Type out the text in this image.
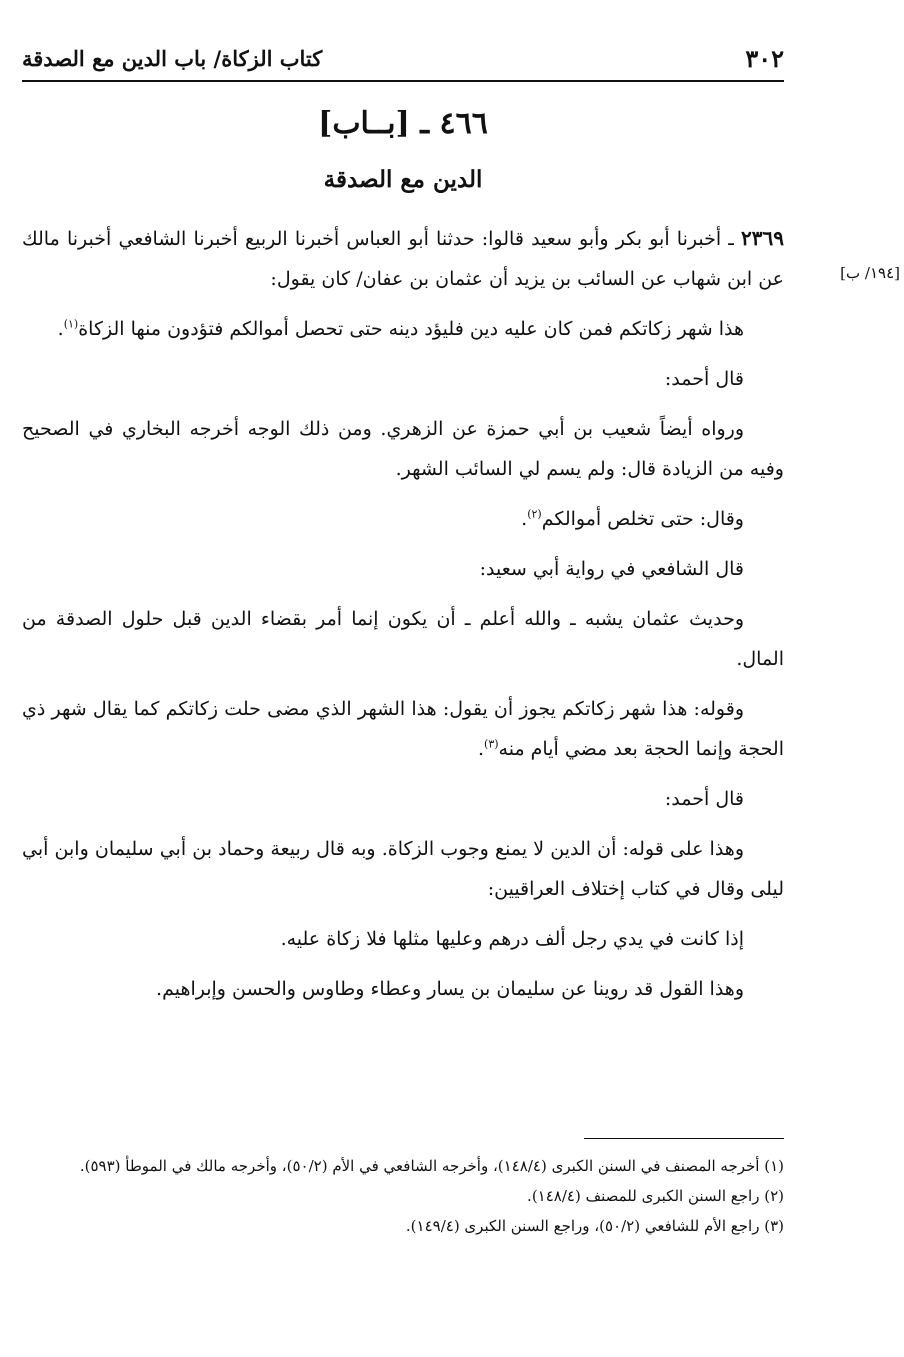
٣٠٢
كتاب الزكاة/ باب الدين مع الصدقة
٤٦٦ ـ [بــاب]
الدين مع الصدقة
[١٩٤/ ب]

٢٣٦٩ ـ أخبرنا أبو بكر وأبو سعيد قالوا: حدثنا أبو العباس أخبرنا الربيع أخبرنا الشافعي أخبرنا مالك عن ابن شهاب عن السائب بن يزيد أن عثمان بن عفان/ كان يقول:

هذا شهر زكاتكم فمن كان عليه دين فليؤد دينه حتى تحصل أموالكم فتؤدون منها الزكاة$^{(١)}$.

قال أحمد:

ورواه أيضاً شعيب بن أبي حمزة عن الزهري. ومن ذلك الوجه أخرجه البخاري في الصحيح وفيه من الزيادة قال: ولم يسم لي السائب الشهر.

وقال: حتى تخلص أموالكم$^{(٢)}$.

قال الشافعي في رواية أبي سعيد:

وحديث عثمان يشبه ـ والله أعلم ـ أن يكون إنما أمر بقضاء الدين قبل حلول الصدقة من المال.

وقوله: هذا شهر زكاتكم يجوز أن يقول: هذا الشهر الذي مضى حلت زكاتكم كما يقال شهر ذي الحجة وإنما الحجة بعد مضي أيام منه$^{(٣)}$.

قال أحمد:

وهذا على قوله: أن الدين لا يمنع وجوب الزكاة. وبه قال ربيعة وحماد بن أبي سليمان وابن أبي ليلى وقال في كتاب إختلاف العراقيين:

إذا كانت في يدي رجل ألف درهم وعليها مثلها فلا زكاة عليه.

وهذا القول قد روينا عن سليمان بن يسار وعطاء وطاوس والحسن وإبراهيم.

(١) أخرجه المصنف في السنن الكبرى (١٤٨/٤)، وأخرجه الشافعي في الأم (٥٠/٢)، وأخرجه مالك في الموطأ (٥٩٣).

(٢) راجع السنن الكبرى للمصنف (١٤٨/٤).

(٣) راجع الأم للشافعي (٥٠/٢)، وراجع السنن الكبرى (١٤٩/٤).
